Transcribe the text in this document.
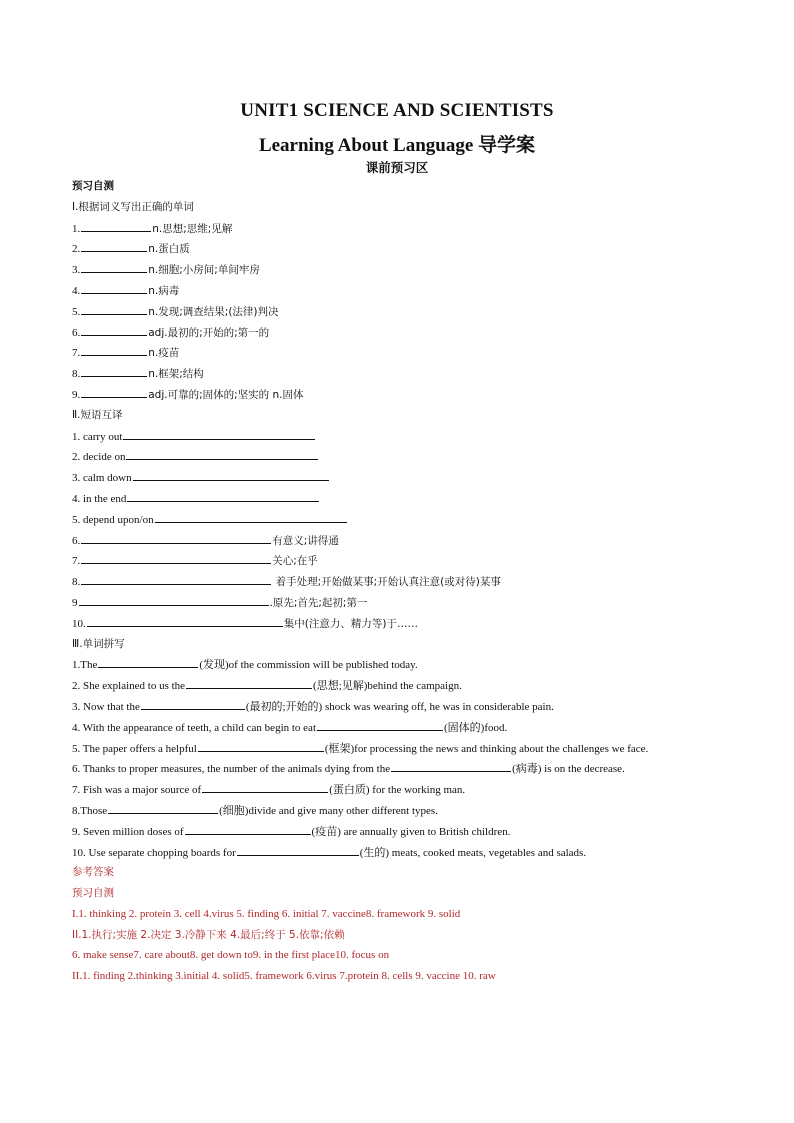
UNIT1 SCIENCE AND SCIENTISTS
Learning About Language 导学案
课前预习区
预习自测
I.根据词义写出正确的单词
1.	n.思想;思维;见解
2.	n.蛋白质
3.	n.细胞;小房间;单间牢房
4.	n.病毒
5.	n.发现;调查结果;(法律)判决
6.	adj.最初的;开始的;第一的
7.	n.疫苗
8.	n.框架;结构
9.	adj.可靠的;固体的;坚实的 n.固体
Ⅱ.短语互译
1. carry out
2. decide on
3. calm down
4. in the end
5. depend upon/on
6.	有意义;讲得通
7.	关心;在乎
8.	着手处理;开始做某事;开始认真注意(或对待)某事
9	.原先;首先;起初;第一
10.	集中(注意力、精力等)于……
Ⅲ.单词拼写
1.The	(发现)of the commission will be published today.
2. She explained to us the	(思想;见解)behind the campaign.
3. Now that the	(最初的;开始的) shock was wearing off, he was in considerable pain.
4. With the appearance of teeth, a child can begin to eat	(固体的)food.
5. The paper offers a helpful	(框架)for processing the news and thinking about the challenges we face.
6. Thanks to proper measures, the number of the animals dying from the	(病毒) is on the decrease.
7. Fish was a major source of	(蛋白质) for the working man.
8.Those	(细胞)divide and give many other different types.
9. Seven million doses of	(疫苗) are annually given to British children.
10. Use separate chopping boards for	(生的) meats, cooked meats, vegetables and salads.
参考答案
预习自测
I.1. thinking 2. protein 3. cell 4.virus 5. finding 6. initial 7. vaccine8. framework 9. solid
II.1.执行;实施 2.决定 3.冷静下来 4.最后;终于 5.依靠;依赖
6. make sense7. care about8. get down to9. in the first place10. focus on
II.1. finding 2.thinking 3.initial 4. solid5. framework 6.virus 7.protein 8. cells 9. vaccine 10. raw
